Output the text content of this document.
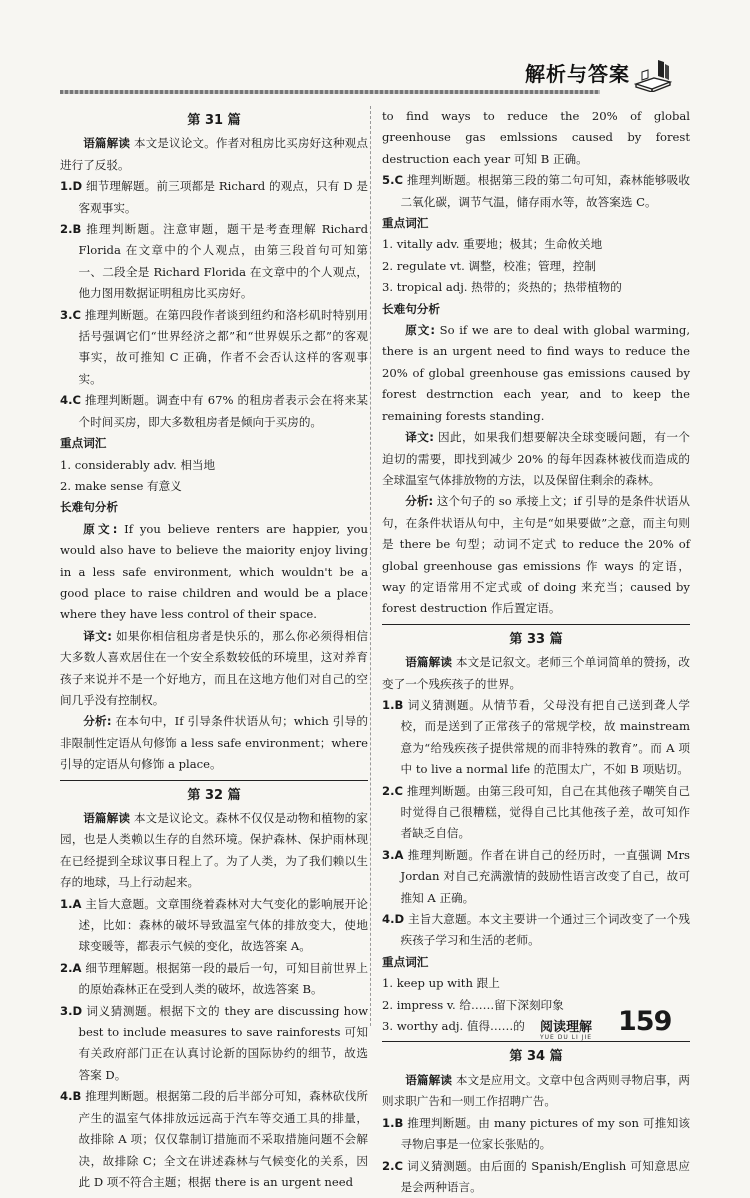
解析与答案
第 31 篇
语篇解读 本文是议论文。作者对租房比买房好这种观点进行了反驳。
1.D 细节理解题。前三项都是 Richard 的观点，只有 D 是客观事实。
2.B 推理判断题。注意审题，题干是考查理解 Richard Florida 在文章中的个人观点，由第三段首句可知第一、二段全是 Richard Florida 在文章中的个人观点，他力图用数据证明租房比买房好。
3.C 推理判断题。在第四段作者谈到纽约和洛杉矶时特别用括号强调它们“世界经济之都”和“世界娱乐之都”的客观事实，故可推知 C 正确，作者不会否认这样的客观事实。
4.C 推理判断题。调查中有 67% 的租房者表示会在将来某个时间买房，即大多数租房者是倾向于买房的。
重点词汇
1. considerably adv. 相当地
2. make sense 有意义
长难句分析
原文: If you believe renters are happier, you would also have to believe the maiority enjoy living in a less safe environment, which wouldn't be a good place to raise children and would be a place where they have less control of their space.
译文: 如果你相信租房者是快乐的，那么你必须得相信大多数人喜欢居住在一个安全系数较低的环境里，这对养育孩子来说并不是一个好地方，而且在这地方他们对自己的空间几乎没有控制权。
分析: 在本句中，If 引导条件状语从句；which 引导的非限制性定语从句修饰 a less safe environment；where 引导的定语从句修饰 a place。
第 32 篇
语篇解读 本文是议论文。森林不仅仅是动物和植物的家园，也是人类赖以生存的自然环境。保护森林、保护雨林现在已经提到全球议事日程上了。为了人类，为了我们赖以生存的地球，马上行动起来。
1.A 主旨大意题。文章围绕着森林对大气变化的影响展开论述，比如：森林的破坏导致温室气体的排放变大，使地球变暖等，都表示气候的变化，故选答案 A。
2.A 细节理解题。根据第一段的最后一句，可知目前世界上的原始森林正在受到人类的破坏，故选答案 B。
3.D 词义猜测题。根据下文的 they are discussing how best to include measures to save rainforests 可知有关政府部门正在认真讨论新的国际协约的细节，故选答案 D。
4.B 推理判断题。根据第二段的后半部分可知，森林砍伐所产生的温室气体排放远远高于汽车等交通工具的排量，故排除 A 项；仅仅靠制订措施而不采取措施问题不会解决，故排除 C；全文在讲述森林与气候变化的关系，因此 D 项不符合主题；根据 there is an urgent need
to find ways to reduce the 20% of global greenhouse gas emlssions caused by forest destruction each year 可知 B 正确。
5.C 推理判断题。根据第三段的第二句可知，森林能够吸收二氧化碳，调节气温，储存雨水等，故答案选 C。
重点词汇
1. vitally adv. 重要地；极其；生命攸关地
2. regulate vt. 调整，校准；管理，控制
3. tropical adj. 热带的；炎热的；热带植物的
长难句分析
原文: So if we are to deal with global warming, there is an urgent need to find ways to reduce the 20% of global greenhouse gas emissions caused by forest destrnction each year, and to keep the remaining forests standing.
译文: 因此，如果我们想要解决全球变暖问题，有一个迫切的需要，即找到减少 20% 的每年因森林被伐而造成的全球温室气体排放物的方法，以及保留住剩余的森林。
分析: 这个句子的 so 承接上文；if 引导的是条件状语从句，在条件状语从句中，主句是“如果要做”之意，而主句则是 there be 句型；动词不定式 to reduce the 20% of global greenhouse gas emissions 作 ways 的定语，way 的定语常用不定式或 of doing 来充当；caused by forest destruction 作后置定语。
第 33 篇
语篇解读 本文是记叙文。老师三个单词简单的赞扬，改变了一个残疾孩子的世界。
1.B 词义猜测题。从情节看，父母没有把自己送到聋人学校，而是送到了正常孩子的常规学校，故 mainstream 意为“给残疾孩子提供常规的而非特殊的教育”。而 A 项中 to live a normal life 的范围太广，不如 B 项贴切。
2.C 推理判断题。由第三段可知，自己在其他孩子嘲笑自己时觉得自己很糟糕，觉得自己比其他孩子差，故可知作者缺乏自信。
3.A 推理判断题。作者在讲自己的经历时，一直强调 Mrs Jordan 对自己充满激情的鼓励性语言改变了自己，故可推知 A 正确。
4.D 主旨大意题。本文主要讲一个通过三个词改变了一个残疾孩子学习和生活的老师。
重点词汇
1. keep up with 跟上
2. impress v. 给……留下深刻印象
3. worthy adj. 值得……的
第 34 篇
语篇解读 本文是应用文。文章中包含两则寻物启事，两则求职广告和一则工作招聘广告。
1.B 推理判断题。由 many pictures of my son 可推知该寻物启事是一位家长张贴的。
2.C 词义猜测题。由后面的 Spanish/English 可知意思应是会两种语言。
阅读理解
YUE DU LI JIE
159
